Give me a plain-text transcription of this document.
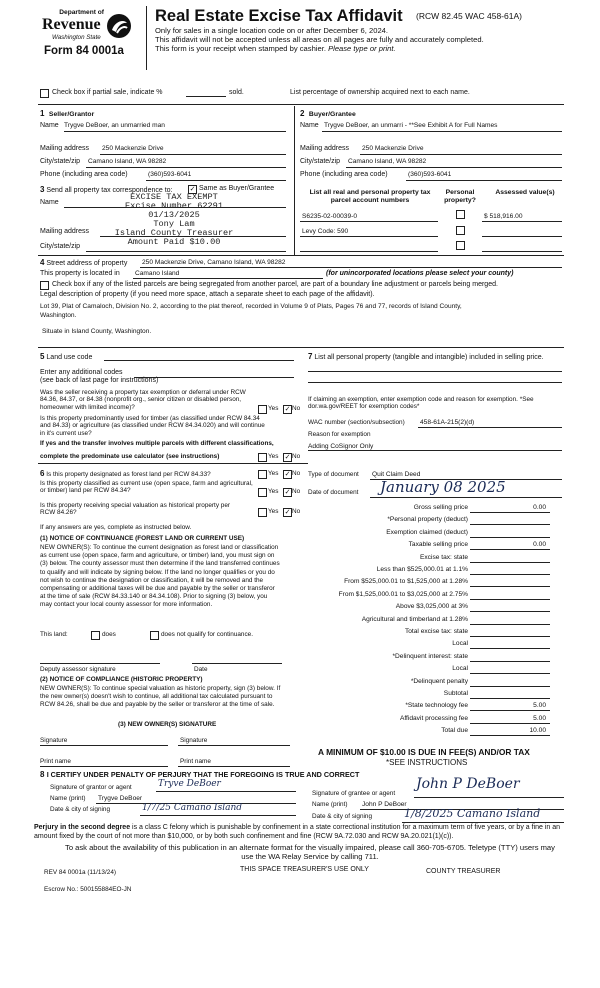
Department of
Revenue
Washington State
Form 84 0001a
Real Estate Excise Tax Affidavit (RCW 82.45 WAC 458-61A)
Only for sales in a single location code on or after December 6, 2024.
This affidavit will not be accepted unless all areas on all pages are fully and accurately completed.
This form is your receipt when stamped by cashier. Please type or print.
Check box if partial sale, indicate %	sold.	List percentage of ownership acquired next to each name.
1 Seller/Grantor
Name Trygve DeBoer, an unmarried man
Mailing address 250 Mackenzie Drive
City/state/zip Camano Island, WA 98282
Phone (including area code)	(360)593-6041
2 Buyer/Grantee
Name Trygve DeBoer, an unmarri - **See Exhibit A for Full Names
Mailing address 250 Mackenzie Drive
City/state/zip Camano Island, WA 98282
Phone (including area code)	(360)593-6041
3 Send all property tax correspondence to: ✓ Same as Buyer/Grantee
Name
Mailing address
City/state/zip
EXCISE TAX EXEMPT
Excise Number 62291
01/13/2025
Tony Lam
Island County Treasurer
Amount Paid $10.00
List all real and personal property tax parcel account numbers
Personal property?
Assessed value(s)
S6235-02-00039-0	$ 518,916.00
Levy Code: 590
4 Street address of property 250 Mackenzie Drive, Camano Island, WA 98282
This property is located in Camano Island	(for unincorporated locations please select your county)
Check box if any of the listed parcels are being segregated from another parcel, are part of a boundary line adjustment or parcels being merged.
Legal description of property (if you need more space, attach a separate sheet to each page of the affidavit).
Lot 39, Plat of Camaloch, Division No. 2, according to the plat thereof, recorded in Volume 9 of Plats, Pages 76 and 77, records of Island County,
Washington.
Situate in Island County, Washington.
5 Land use code
Enter any additional codes
(see back of last page for instructions)
Was the seller receiving a property tax exemption or deferral under RCW 84.36, 84.37, or 84.38 (nonprofit org., senior citizen or disabled person, homeowner with limited income)?	Yes ✓ No
Is this property predominantly used for timber (as classified under RCW 84.34 and 84.33) or agriculture (as classified under RCW 84.34.020) and will continue in it's current use?
If yes and the transfer involves multiple parcels with different classifications,
complete the predominate use calculator (see instructions)	Yes ✓ No
7 List all personal property (tangible and intangible) included in selling price.
If claiming an exemption, enter exemption code and reason for exemption. *See dor.wa.gov/REET for exemption codes*
WAC number (section/subsection) 458-61A-215(2)(d)
Reason for exemption
Adding CoSignor Only
6 Is this property designated as forest land per RCW 84.33?	Yes ✓ No
Is this property classified as current use (open space, farm and agricultural, or timber) land per RCW 84.34?	Yes ✓ No
Is this property receiving special valuation as historical property per RCW 84.26?	Yes ✓ No
If any answers are yes, complete as instructed below.
(1) NOTICE OF CONTINUANCE (FOREST LAND OR CURRENT USE)
NEW OWNER(S): To continue the current designation as forest land or classification as current use (open space, farm and agriculture, or timber) land, you must sign on (3) below. The county assessor must then determine if the land transferred continues to qualify and will indicate by signing below. If the land no longer qualifies or you do not wish to continue the designation or classification, it will be removed and the compensating or additional taxes will be due and payable by the seller or transferor at the time of sale (RCW 84.33.140 or 84.34.108). Prior to signing (3) below, you may contact your local county assessor for more information.
This land:	does	does not qualify for continuance.
Deputy assessor signature	Date
(2) NOTICE OF COMPLIANCE (HISTORIC PROPERTY)
NEW OWNER(S): To continue special valuation as historic property, sign (3) below. If the new owner(s) doesn't wish to continue, all additional tax calculated pursuant to RCW 84.26, shall be due and payable by the seller or transferor at the time of sale.
(3) NEW OWNER(S) SIGNATURE
Signature	Signature
Print name	Print name
Type of document Quit Claim Deed
Date of document January 08 2025
Gross selling price	0.00
*Personal property (deduct)
Exemption claimed (deduct)
Taxable selling price	0.00
Excise tax: state
Less than $525,000.01 at 1.1%
From $525,000.01 to $1,525,000 at 1.28%
From $1,525,000.01 to $3,025,000 at 2.75%
Above $3,025,000 at 3%
Agricultural and timberland at 1.28%
Total excise tax: state
Local
*Delinquent interest: state
Local
*Delinquent penalty
Subtotal
*State technology fee	5.00
Affidavit processing fee	5.00
Total due	10.00
A MINIMUM OF $10.00 IS DUE IN FEE(S) AND/OR TAX
*SEE INSTRUCTIONS
8 I CERTIFY UNDER PENALTY OF PERJURY THAT THE FOREGOING IS TRUE AND CORRECT
Signature of grantor or agent	Tryve DeBoer
Name (print) Trygve DeBoer
Date & city of signing	1/7/25 Camano Island
Signature of grantee or agent
John P DeBoer
Name (print) John P DeBoer
Date & city of signing	1/8/2025 Camano Island
Perjury in the second degree is a class C felony which is punishable by confinement in a state correctional institution for a maximum term of five years, or by a fine in an amount fixed by the court of not more than $10,000, or by both such confinement and fine (RCW 9A.72.030 and RCW 9A.20.021(1)(c)).
To ask about the availability of this publication in an alternate format for the visually impaired, please call 360-705-6705. Teletype (TTY) users may use the WA Relay Service by calling 711.
REV 84 0001a (11/13/24)	THIS SPACE TREASURER'S USE ONLY	COUNTY TREASURER
Escrow No.: 500155884EO-JN
